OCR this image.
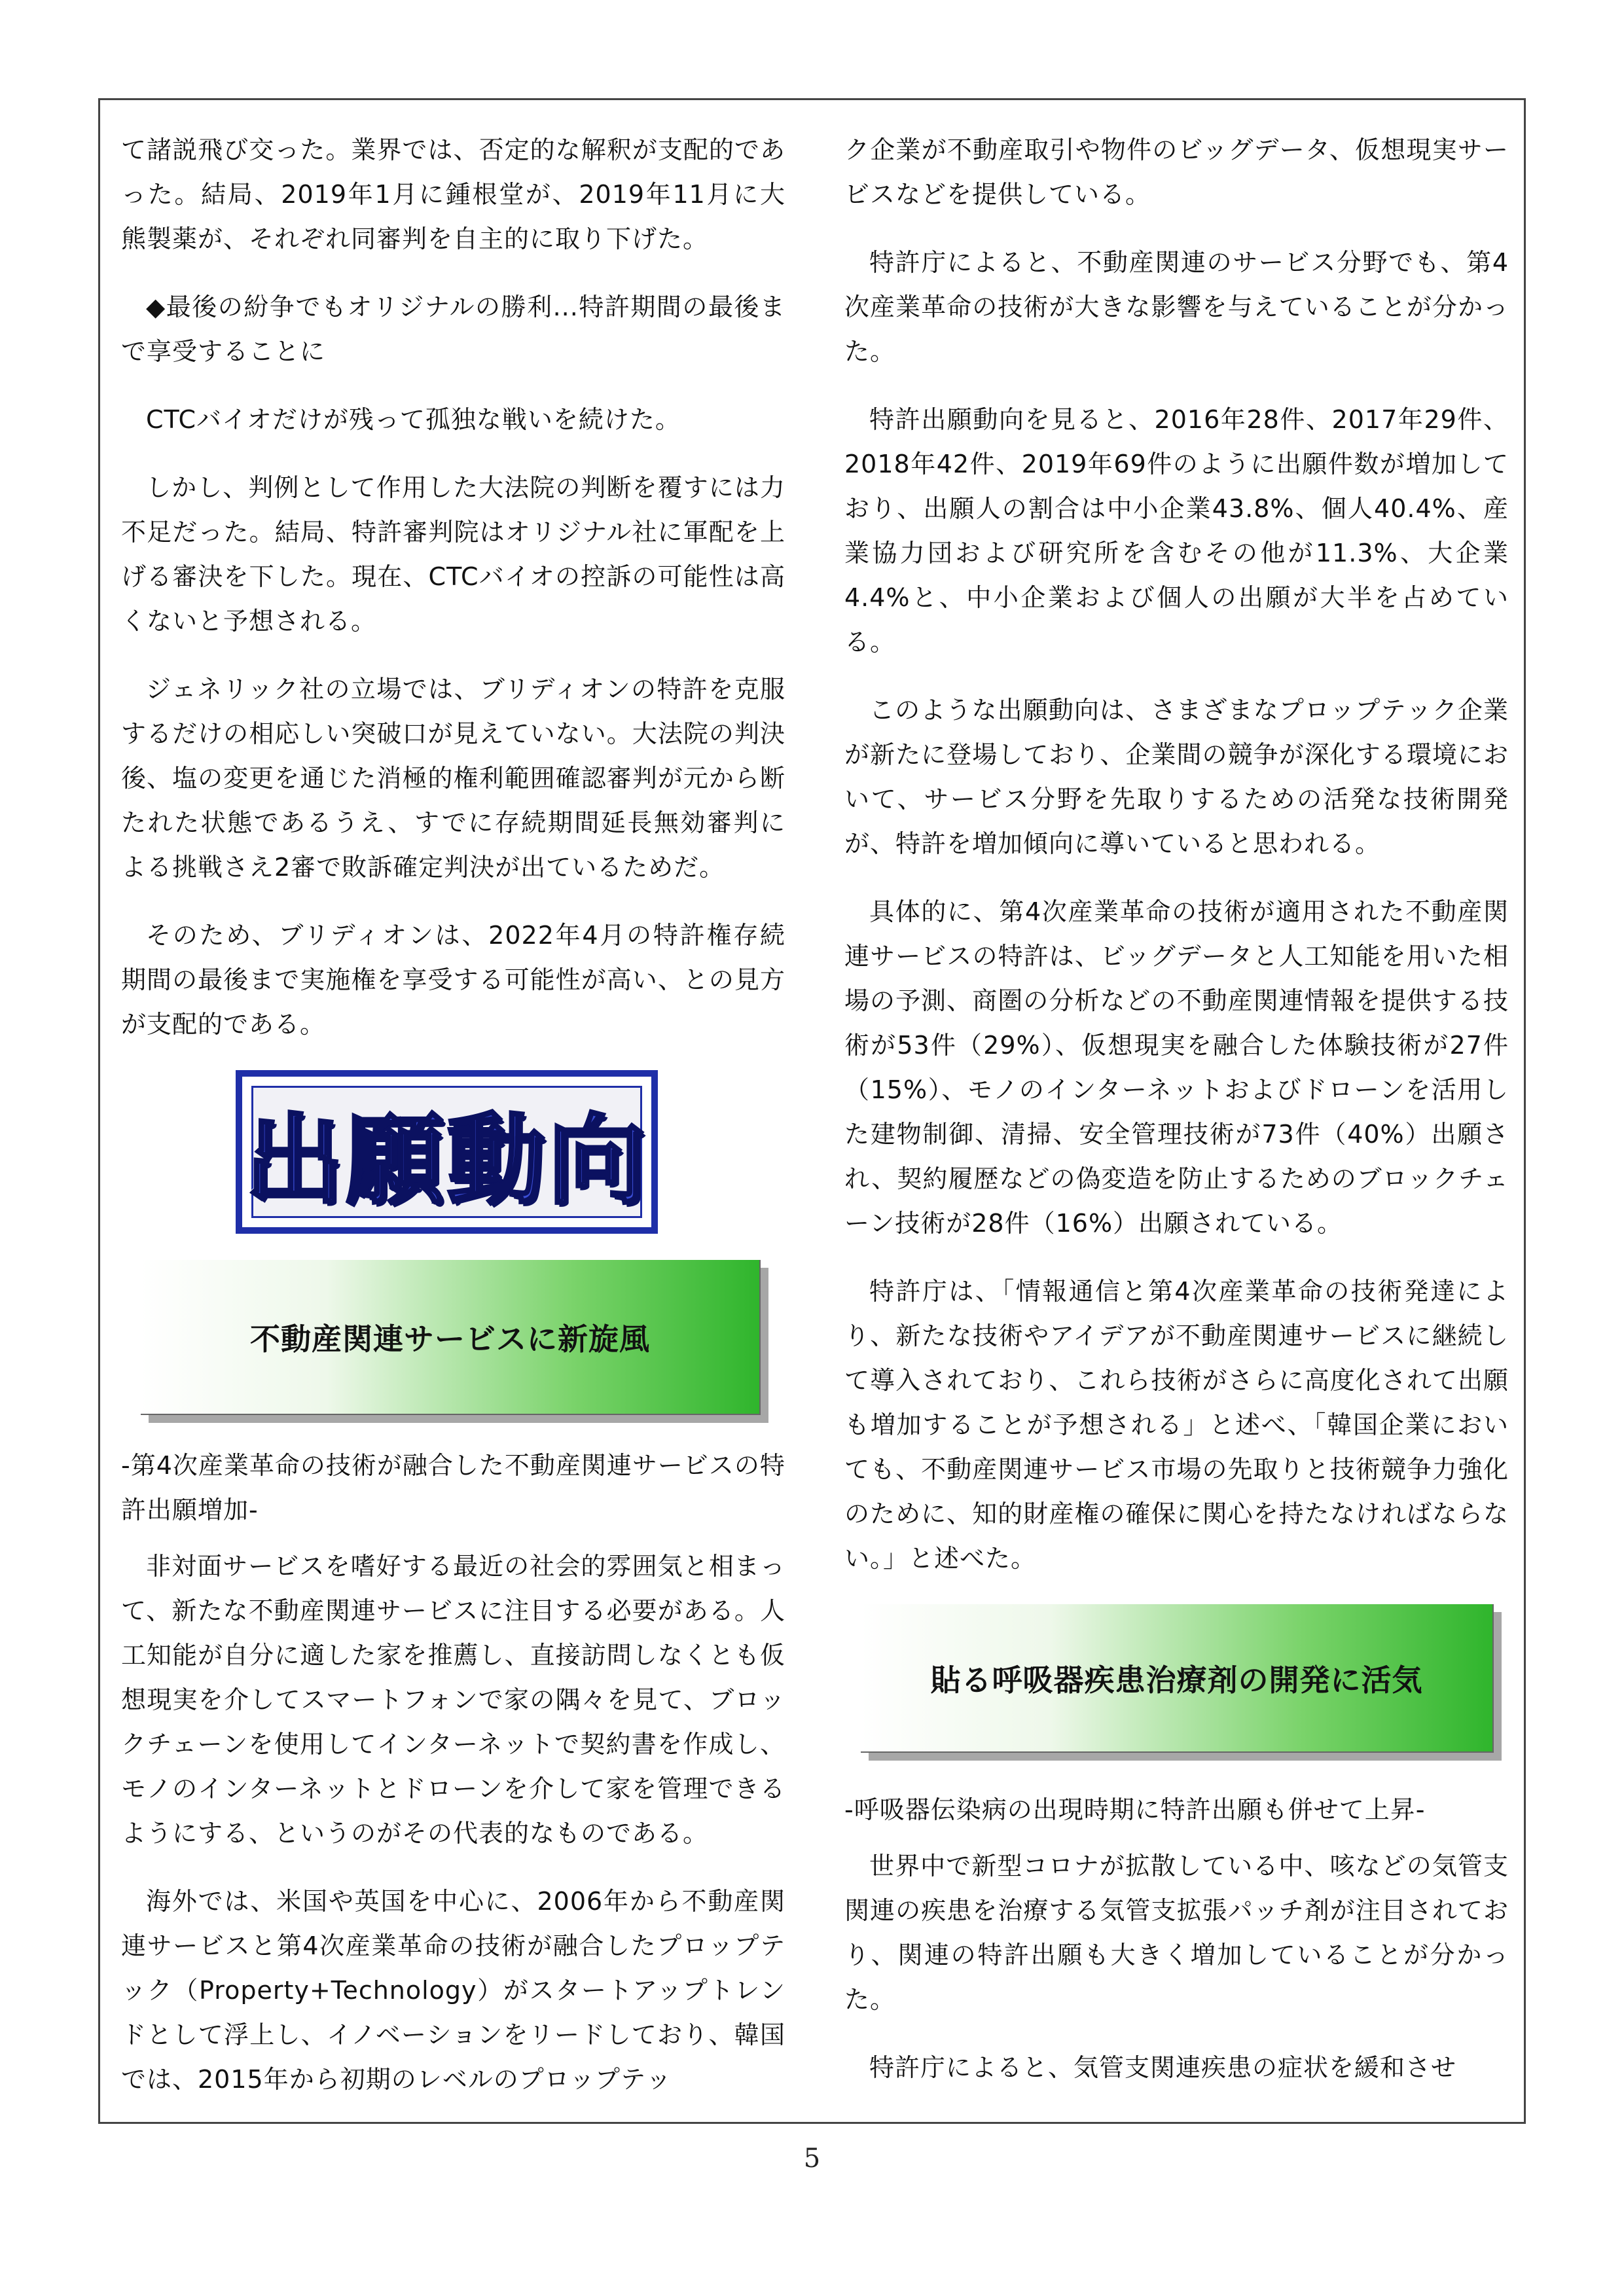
て諸説飛び交った。業界では、否定的な解釈が支配的であった。結局、2019年1月に鍾根堂が、2019年11月に大熊製薬が、それぞれ同審判を自主的に取り下げた。

◆最後の紛争でもオリジナルの勝利...特許期間の最後まで享受することに

CTCバイオだけが残って孤独な戦いを続けた。

しかし、判例として作用した大法院の判断を覆すには力不足だった。結局、特許審判院はオリジナル社に軍配を上げる審決を下した。現在、CTCバイオの控訴の可能性は高くないと予想される。

ジェネリック社の立場では、ブリディオンの特許を克服するだけの相応しい突破口が見えていない。大法院の判決後、塩の変更を通じた消極的権利範囲確認審判が元から断たれた状態であるうえ、すでに存続期間延長無効審判による挑戦さえ2審で敗訴確定判決が出ているためだ。

そのため、ブリディオンは、2022年4月の特許権存続期間の最後まで実施権を享受する可能性が高い、との見方が支配的である。

出願動向
不動産関連サービスに新旋風

-第4次産業革命の技術が融合した不動産関連サービスの特許出願増加-

非対面サービスを嗜好する最近の社会的雰囲気と相まって、新たな不動産関連サービスに注目する必要がある。人工知能が自分に適した家を推薦し、直接訪問しなくとも仮想現実を介してスマートフォンで家の隅々を見て、ブロックチェーンを使用してインターネットで契約書を作成し、モノのインターネットとドローンを介して家を管理できるようにする、というのがその代表的なものである。

海外では、米国や英国を中心に、2006年から不動産関連サービスと第4次産業革命の技術が融合したプロップテック（Property+Technology）がスタートアップトレンドとして浮上し、イノベーションをリードしており、韓国では、2015年から初期のレベルのプロップテッ

ク企業が不動産取引や物件のビッグデータ、仮想現実サービスなどを提供している。

特許庁によると、不動産関連のサービス分野でも、第4次産業革命の技術が大きな影響を与えていることが分かった。

特許出願動向を見ると、2016年28件、2017年29件、2018年42件、2019年69件のように出願件数が増加しており、出願人の割合は中小企業43.8%、個人40.4%、産業協力団および研究所を含むその他が11.3%、大企業4.4%と、中小企業および個人の出願が大半を占めている。

このような出願動向は、さまざまなプロップテック企業が新たに登場しており、企業間の競争が深化する環境において、サービス分野を先取りするための活発な技術開発が、特許を増加傾向に導いていると思われる。

具体的に、第4次産業革命の技術が適用された不動産関連サービスの特許は、ビッグデータと人工知能を用いた相場の予測、商圏の分析などの不動産関連情報を提供する技術が53件（29%）、仮想現実を融合した体験技術が27件（15%）、モノのインターネットおよびドローンを活用した建物制御、清掃、安全管理技術が73件（40%）出願され、契約履歴などの偽変造を防止するためのブロックチェーン技術が28件（16%）出願されている。

特許庁は、「情報通信と第4次産業革命の技術発達により、新たな技術やアイデアが不動産関連サービスに継続して導入されており、これら技術がさらに高度化されて出願も増加することが予想される」と述べ、「韓国企業においても、不動産関連サービス市場の先取りと技術競争力強化のために、知的財産権の確保に関心を持たなければならない。」と述べた。

貼る呼吸器疾患治療剤の開発に活気

-呼吸器伝染病の出現時期に特許出願も併せて上昇-

世界中で新型コロナが拡散している中、咳などの気管支関連の疾患を治療する気管支拡張パッチ剤が注目されており、関連の特許出願も大きく増加していることが分かった。

特許庁によると、気管支関連疾患の症状を緩和させ

5
